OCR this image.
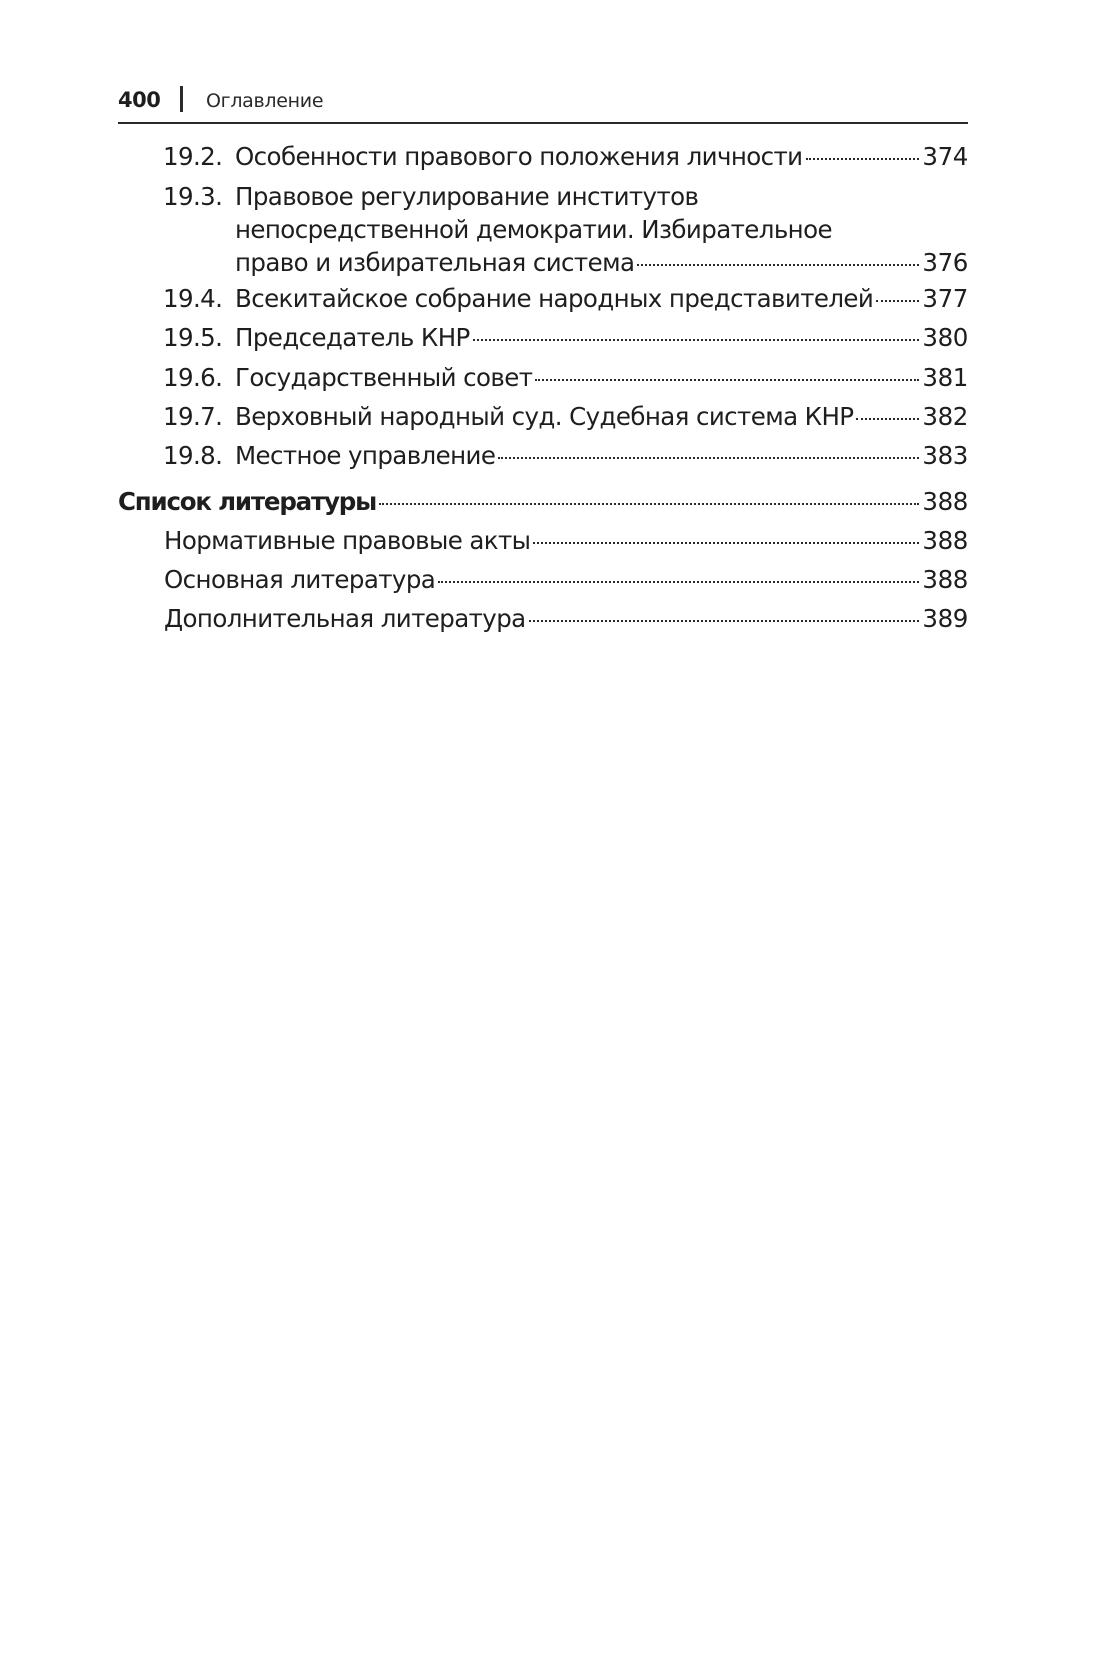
400 Оглавление
19.2. Особенности правового положения личности	374
19.3. Правовое регулирование институтов
непосредственной демократии. Избирательное
право и избирательная система	376
19.4. Всекитайское собрание народных представителей 377
19.5. Председатель КНР	380
19.6. Государственный совет	381
19.7. Верховный народный суд. Судебная система КНР	382
19.8. Местное управление	383
Список литературы	388
Нормативные правовые акты	388
Основная литература	388
Дополнительная литература	389
